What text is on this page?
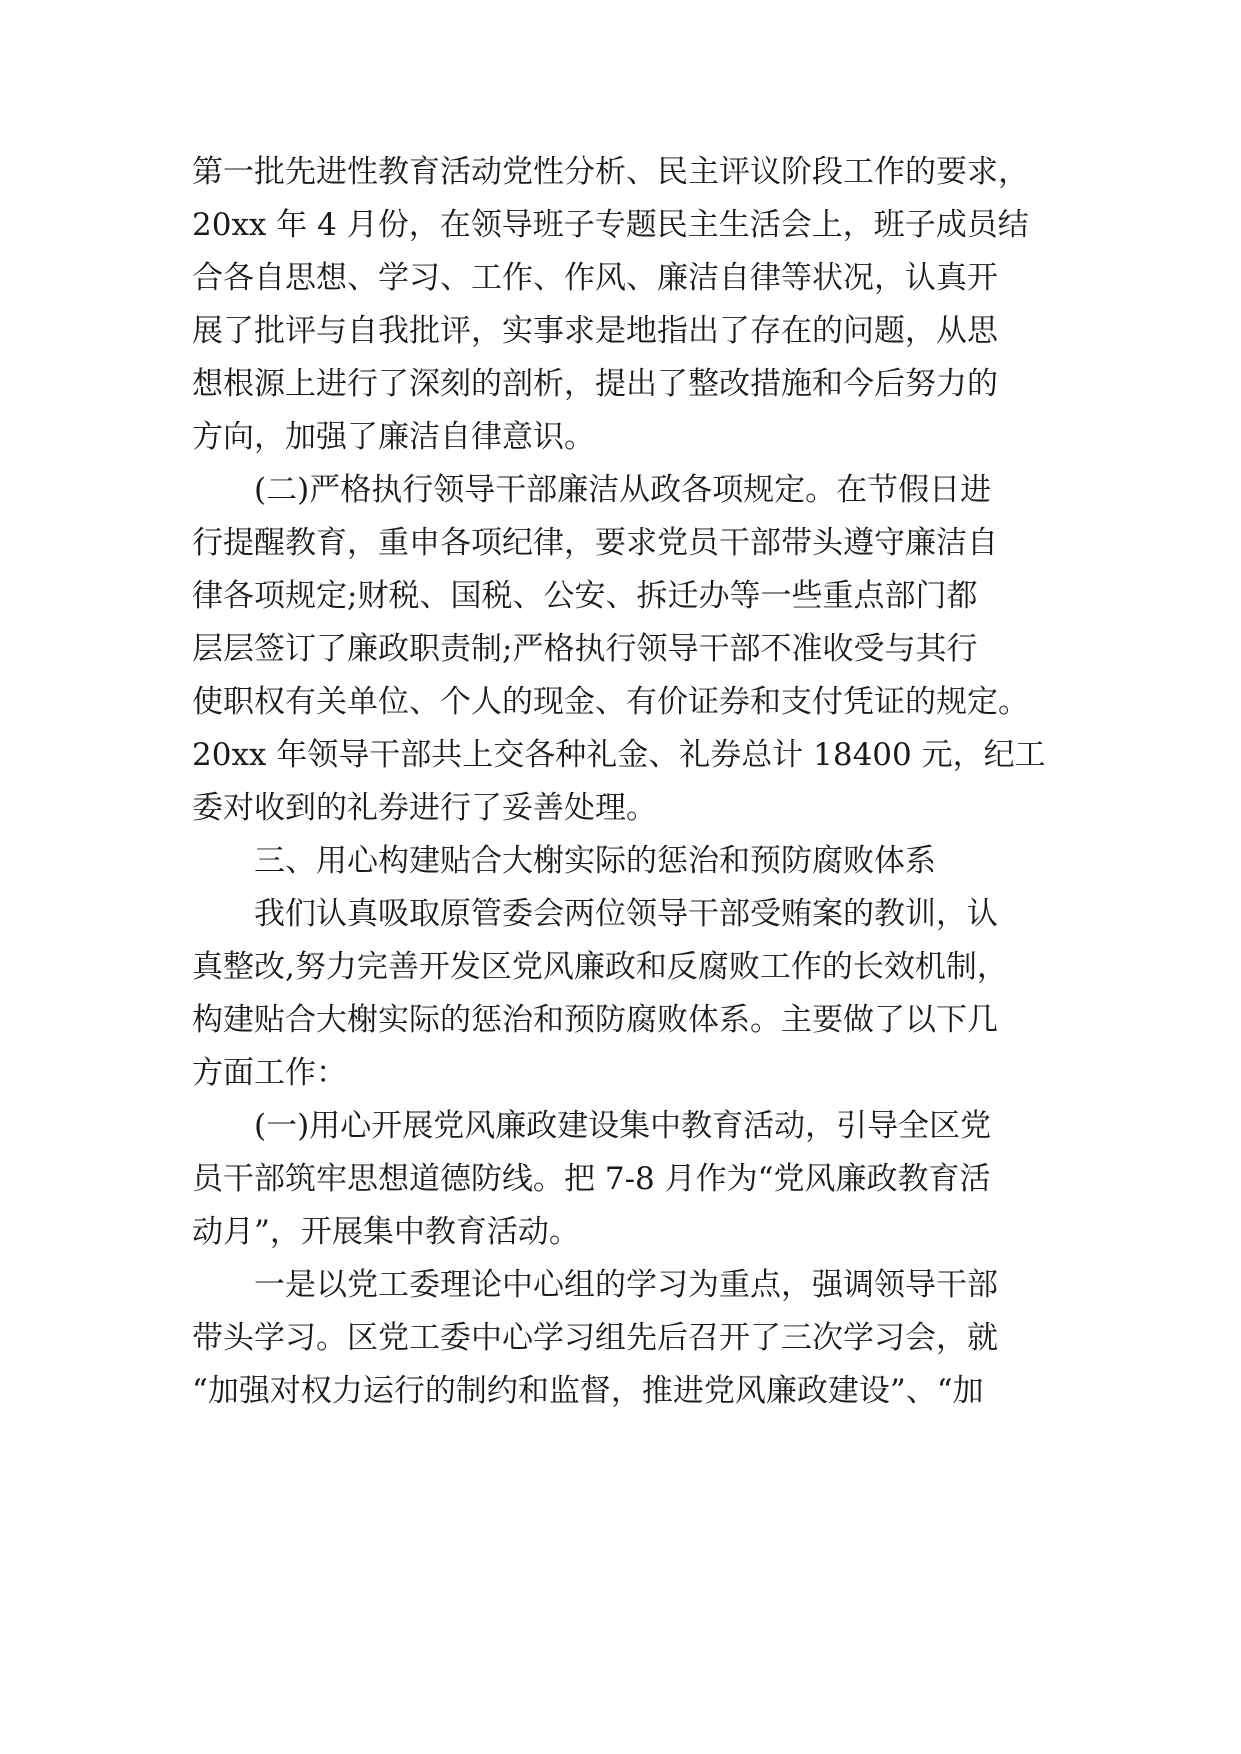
第一批先进性教育活动党性分析、民主评议阶段工作的要求，
20xx 年 4 月份，在领导班子专题民主生活会上，班子成员结
合各自思想、学习、工作、作风、廉洁自律等状况，认真开
展了批评与自我批评，实事求是地指出了存在的问题，从思
想根源上进行了深刻的剖析，提出了整改措施和今后努力的
方向，加强了廉洁自律意识。
(二)严格执行领导干部廉洁从政各项规定。在节假日进
行提醒教育，重申各项纪律，要求党员干部带头遵守廉洁自
律各项规定;财税、国税、公安、拆迁办等一些重点部门都
层层签订了廉政职责制;严格执行领导干部不准收受与其行
使职权有关单位、个人的现金、有价证券和支付凭证的规定。
20xx 年领导干部共上交各种礼金、礼券总计 18400 元，纪工
委对收到的礼券进行了妥善处理。
三、用心构建贴合大榭实际的惩治和预防腐败体系
我们认真吸取原管委会两位领导干部受贿案的教训，认
真整改,努力完善开发区党风廉政和反腐败工作的长效机制，
构建贴合大榭实际的惩治和预防腐败体系。主要做了以下几
方面工作：
(一)用心开展党风廉政建设集中教育活动，引导全区党
员干部筑牢思想道德防线。把 7-8 月作为“党风廉政教育活
动月”，开展集中教育活动。
一是以党工委理论中心组的学习为重点，强调领导干部
带头学习。区党工委中心学习组先后召开了三次学习会，就
“加强对权力运行的制约和监督，推进党风廉政建设”、“加
